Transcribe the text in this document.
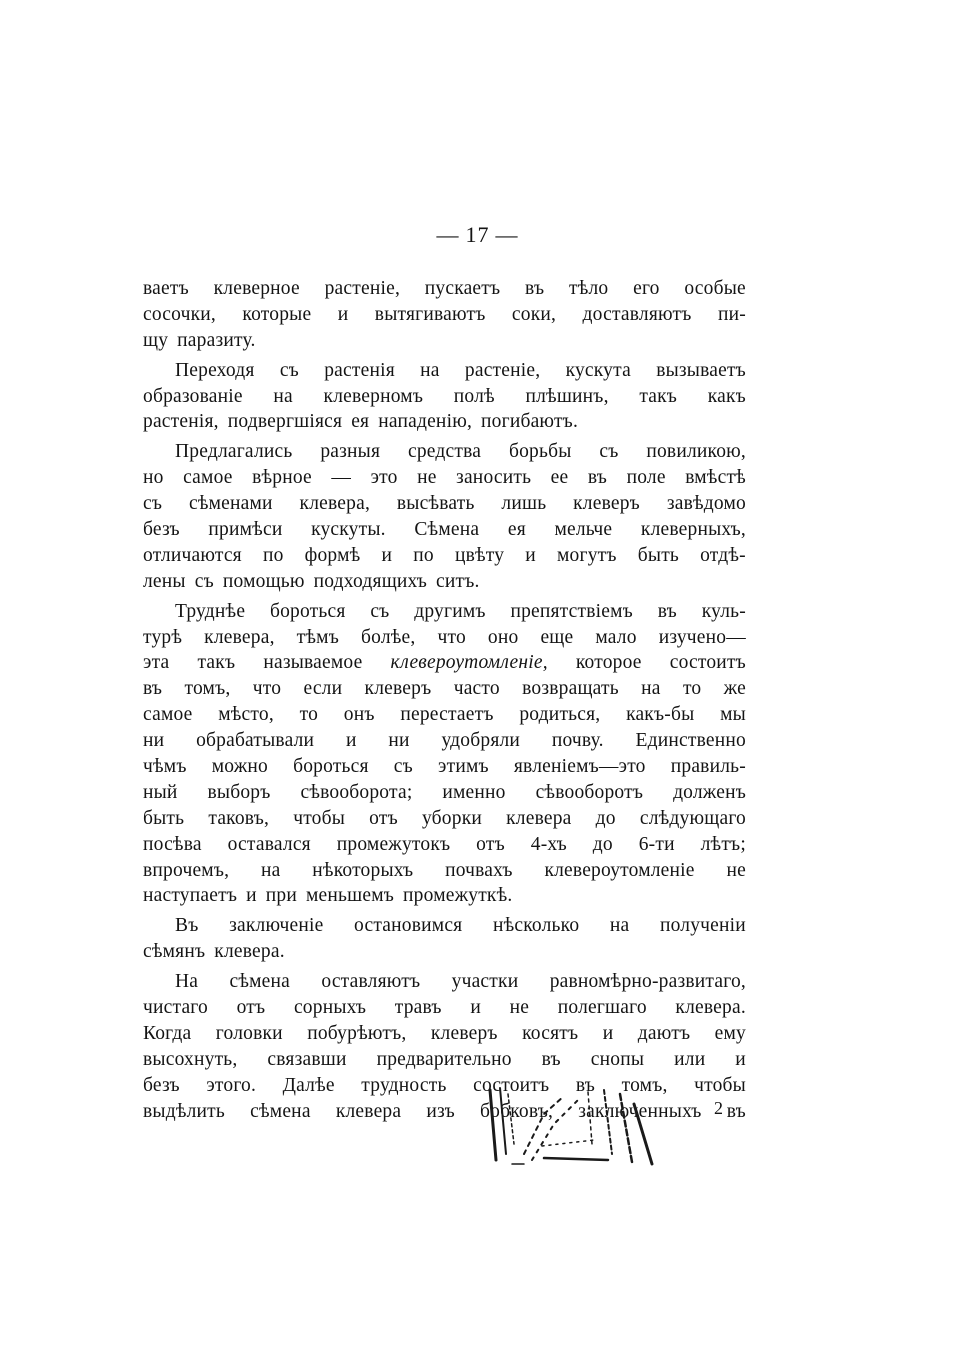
— 17 —
ваетъ клеверное растеніе, пускаетъ въ тѣло его особые
сосочки, которые и вытягиваютъ соки, доставляютъ пи-
щу паразиту.
Переходя съ растенія на растеніе, кускута вызываетъ
образованіе на клеверномъ полѣ плѣшинъ, такъ какъ
растенія, подвергшіяся ея нападенію, погибаютъ.
Предлагались разныя средства борьбы съ повиликою,
но самое вѣрное — это не заносить ее въ поле вмѣстѣ
съ сѣменами клевера, высѣвать лишь клеверъ завѣдомо
безъ примѣси кускуты. Сѣмена ея мельче клеверныхъ,
отличаются по формѣ и по цвѣту и могутъ быть отдѣ-
лены съ помощью подходящихъ ситъ.
Труднѣе бороться съ другимъ препятствіемъ въ куль-
турѣ клевера, тѣмъ болѣе, что оно еще мало изучено—
эта такъ называемое клевероутомленіе, которое состоитъ
въ томъ, что если клеверъ часто возвращать на то же
самое мѣсто, то онъ перестаетъ родиться, какъ-бы мы
ни обрабатывали и ни удобряли почву. Единственно
чѣмъ можно бороться съ этимъ явленіемъ—это правиль-
ный выборъ сѣвооборота; именно сѣвооборотъ долженъ
быть таковъ, чтобы отъ уборки клевера до слѣдующаго
посѣва оставался промежутокъ отъ 4-хъ до 6-ти лѣтъ;
впрочемъ, на нѣкоторыхъ почвахъ клевероутомленіе не
наступаетъ и при меньшемъ промежуткѣ.
Въ заключеніе остановимся нѣсколько на полученіи
сѣмянъ клевера.
На сѣмена оставляютъ участки равномѣрно-развитаго,
чистаго отъ сорныхъ травъ и не полегшаго клевера.
Когда головки побурѣютъ, клеверъ косятъ и даютъ ему
высохнуть, связавши предварительно въ снопы или и
безъ этого. Далѣе трудность состоитъ въ томъ, чтобы
выдѣлить сѣмена клевера изъ бобковъ, заключенныхъ въ
2
